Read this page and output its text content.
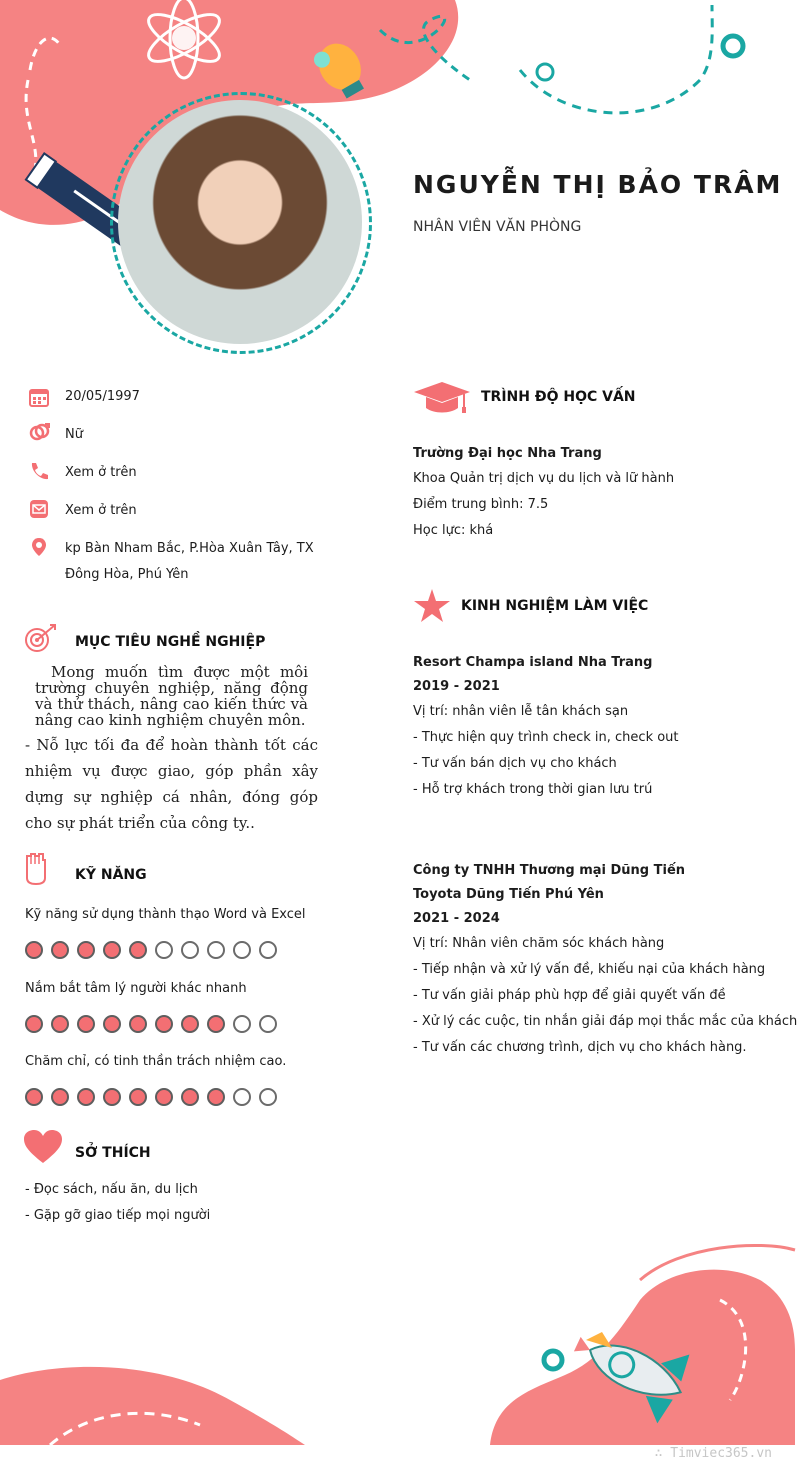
NGUYỄN THỊ BẢO TRÂM
NHÂN VIÊN VĂN PHÒNG
20/05/1997
Nữ
Xem ở trên
Xem ở trên
kp Bàn Nham Bắc, P.Hòa Xuân Tây, TX
Đông Hòa, Phú Yên
MỤC TIÊU NGHỀ NGHIỆP

Mong muốn tìm được một môi trường chuyên nghiệp, năng động và thử thách, nâng cao kiến thức và nâng cao kinh nghiệm chuyên môn.

- Nỗ lực tối đa để hoàn thành tốt các nhiệm vụ được giao, góp phần xây dựng sự nghiệp cá nhân, đóng góp cho sự phát triển của công ty..

KỸ NĂNG
Kỹ năng sử dụng thành thạo Word và Excel
Nắm bắt tâm lý người khác nhanh
Chăm chỉ, có tinh thần trách nhiệm cao.
SỞ THÍCH
- Đọc sách, nấu ăn, du lịch
- Gặp gỡ giao tiếp mọi người
TRÌNH ĐỘ HỌC VẤN
Trường Đại học Nha Trang
Khoa Quản trị dịch vụ du lịch và lữ hành
Điểm trung bình: 7.5
Học lực: khá
KINH NGHIỆM LÀM VIỆC
Resort Champa island Nha Trang
2019 - 2021
Vị trí: nhân viên lễ tân khách sạn
- Thực hiện quy trình check in, check out
- Tư vấn bán dịch vụ cho khách
- Hỗ trợ khách trong thời gian lưu trú
Công ty TNHH Thương mại Dũng Tiến
Toyota Dũng Tiến Phú Yên
2021 - 2024
Vị trí: Nhân viên chăm sóc khách hàng
- Tiếp nhận và xử lý vấn đề, khiếu nại của khách hàng
- Tư vấn giải pháp phù hợp để giải quyết vấn đề
- Xử lý các cuộc, tin nhắn giải đáp mọi thắc mắc của khách
- Tư vấn các chương trình, dịch vụ cho khách hàng.
∴ Timviec365.vn
